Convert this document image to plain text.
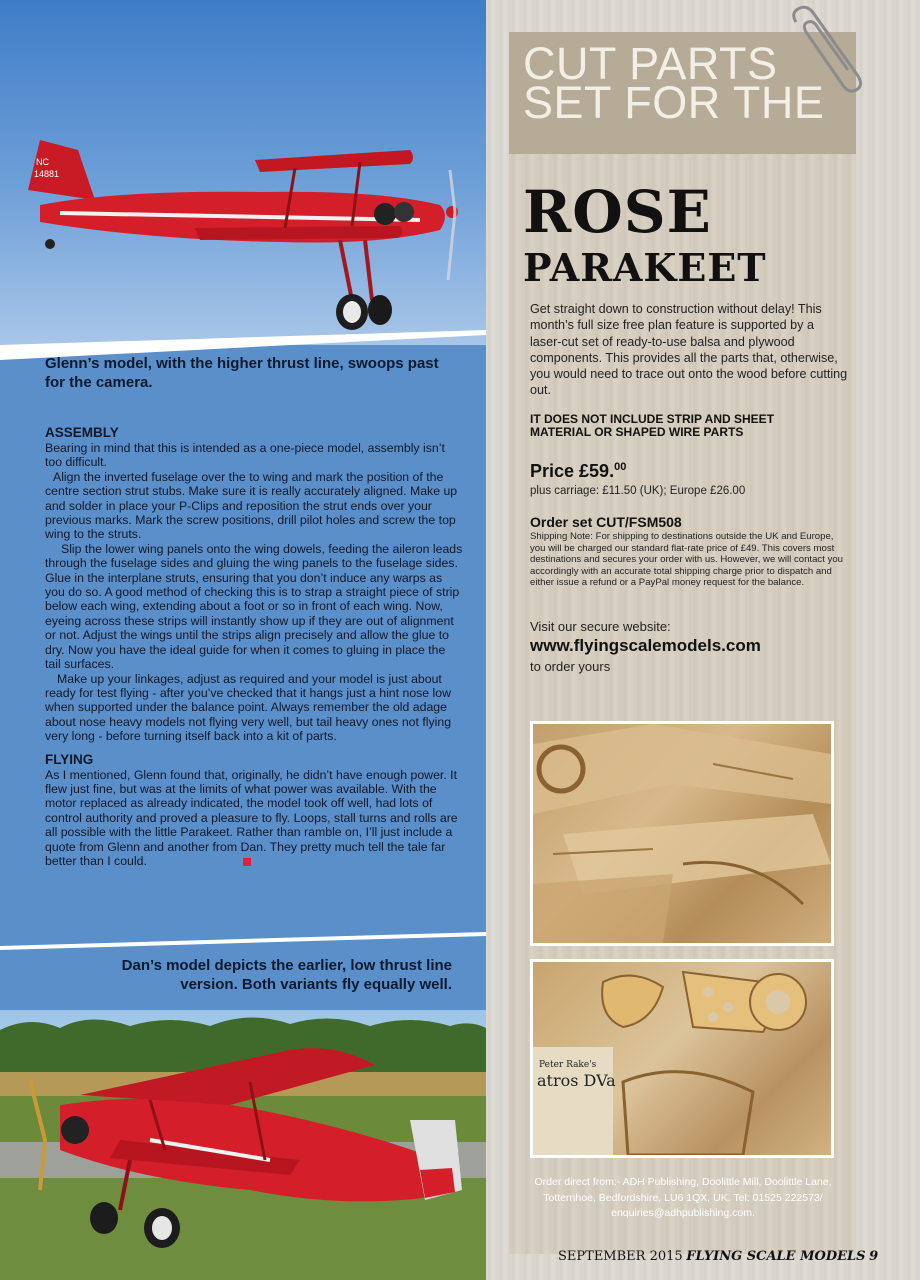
NC
14881
Glenn’s model, with the higher thrust line, swoops past for the camera.
ASSEMBLY

Bearing in mind that this is intended as a one-piece model, assembly isn’t too difficult.

Align the inverted fuselage over the to wing and mark the position of the centre section strut stubs. Make sure it is really accurately aligned. Make up and solder in place your P-Clips and reposition the strut ends over your previous marks. Mark the screw positions, drill pilot holes and screw the top wing to the struts.

Slip the lower wing panels onto the wing dowels, feeding the aileron leads through the fuselage sides and gluing the wing panels to the fuselage sides. Glue in the interplane struts, ensuring that you don’t induce any warps as you do so. A good method of checking this is to strap a straight piece of strip below each wing, extending about a foot or so in front of each wing. Now, eyeing across these strips will instantly show up if they are out of alignment or not. Adjust the wings until the strips align precisely and allow the glue to dry. Now you have the ideal guide for when it comes to gluing in place the tail surfaces.

Make up your linkages, adjust as required and your model is just about ready for test flying - after you’ve checked that it hangs just a hint nose low when supported under the balance point. Always remember the old adage about nose heavy models not flying very well, but tail heavy ones not flying very long - before turning itself back into a kit of parts.

FLYING

As I mentioned, Glenn found that, originally, he didn’t have enough power. It flew just fine, but was at the limits of what power was available. With the motor replaced as already indicated, the model took off well, had lots of control authority and proved a pleasure to fly. Loops, stall turns and rolls are all possible with the little Parakeet. Rather than ramble on, I’ll just include a quote from Glenn and another from Dan. They pretty much tell the tale far better than I could.

Dan’s model depicts the earlier, low thrust line version. Both variants fly equally well.
CUT PARTS
SET FOR THE
ROSE
PARAKEET
Get straight down to construction without delay! This month’s full size free plan feature is supported by a laser-cut set of ready-to-use balsa and plywood components. This provides all the parts that, otherwise, you would need to trace out onto the wood before cutting out.
IT DOES NOT INCLUDE STRIP AND SHEET MATERIAL OR SHAPED WIRE PARTS
Price £59.00
plus carriage: £11.50 (UK); Europe £26.00
Order set CUT/FSM508
Shipping Note: For shipping to destinations outside the UK and Europe, you will be charged our standard flat-rate price of £49. This covers most destinations and secures your order with us. However, we will contact you accordingly with an accurate total shipping charge prior to dispatch and either issue a refund or a PayPal money request for the balance.
Visit our secure website:
www.flyingscalemodels.com
to order yours
Peter Rake's
atros DVa
Order direct from:- ADH Publishing, Doolittle Mill, Doolittle Lane,
Totternhoe, Bedfordshire, LU6 1QX, UK. Tel: 01525 222573/
enquiries@adhpublishing.com.
SEPTEMBER 2015 FLYING SCALE MODELS 9
